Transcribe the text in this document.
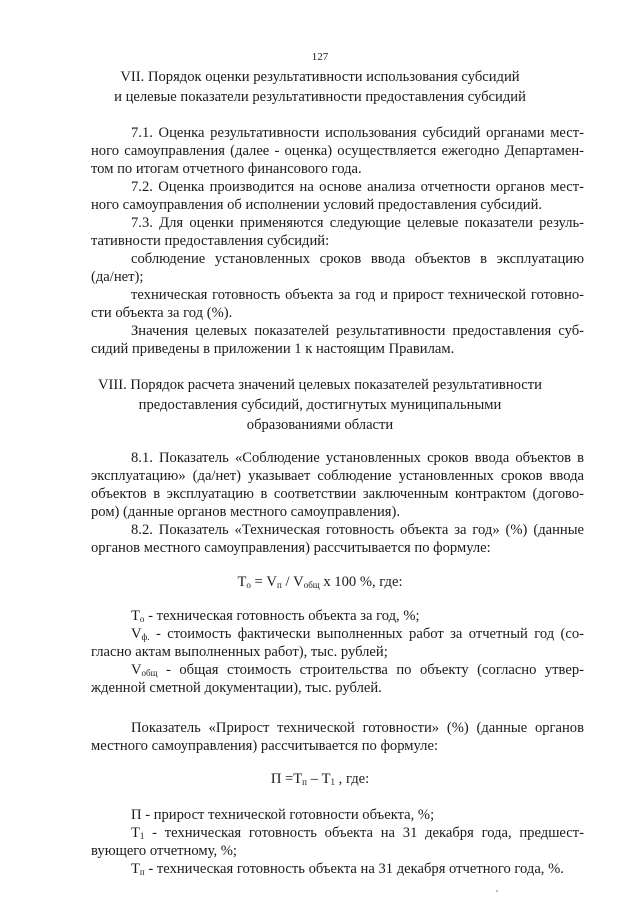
127

VII. Порядок оценки результативности использования субсидий

и целевые показатели результативности предоставления субсидий

7.1. Оценка результативности использования субсидий органами мест-

ного самоуправления (далее - оценка) осуществляется ежегодно Департамен-

том по итогам отчетного финансового года.

7.2. Оценка производится на основе анализа отчетности органов мест-

ного самоуправления об исполнении условий предоставления субсидий.

7.3. Для оценки применяются следующие целевые показатели резуль-

тативности предоставления субсидий:

соблюдение установленных сроков ввода объектов в эксплуатацию

(да/нет);

техническая готовность объекта за год и прирост технической готовно-

сти объекта за год (%).

Значения целевых показателей результативности предоставления суб-

сидий приведены в приложении 1 к настоящим Правилам.

VIII. Порядок расчета значений целевых показателей результативности

предоставления субсидий, достигнутых муниципальными

образованиями области

8.1. Показатель «Соблюдение установленных сроков ввода объектов в

эксплуатацию» (да/нет) указывает соблюдение установленных сроков ввода

объектов в эксплуатацию в соответствии заключенным контрактом (догово-

ром) (данные органов местного самоуправления).

8.2. Показатель «Техническая готовность объекта за год» (%) (данные

органов местного самоуправления) рассчитывается по формуле:

$Т_о = V_п / V_{общ}$ х 100 %, где:

$Т_о$ - техническая готовность объекта за год, %;

$V_{ф.}$ - стоимость фактически выполненных работ за отчетный год (со-

гласно актам выполненных работ), тыс. рублей;

$V_{общ}$ - общая стоимость строительства по объекту (согласно утвер-

жденной сметной документации), тыс. рублей.

Показатель «Прирост технической готовности» (%) (данные органов

местного самоуправления) рассчитывается по формуле:

$П =Т_п - Т_1$ , где:

П - прирост технической готовности объекта, %;

$Т_1$ - техническая готовность объекта на 31 декабря года, предшест-

вующего отчетному, %;

$Т_п$ - техническая готовность объекта на 31 декабря отчетного года, %.
